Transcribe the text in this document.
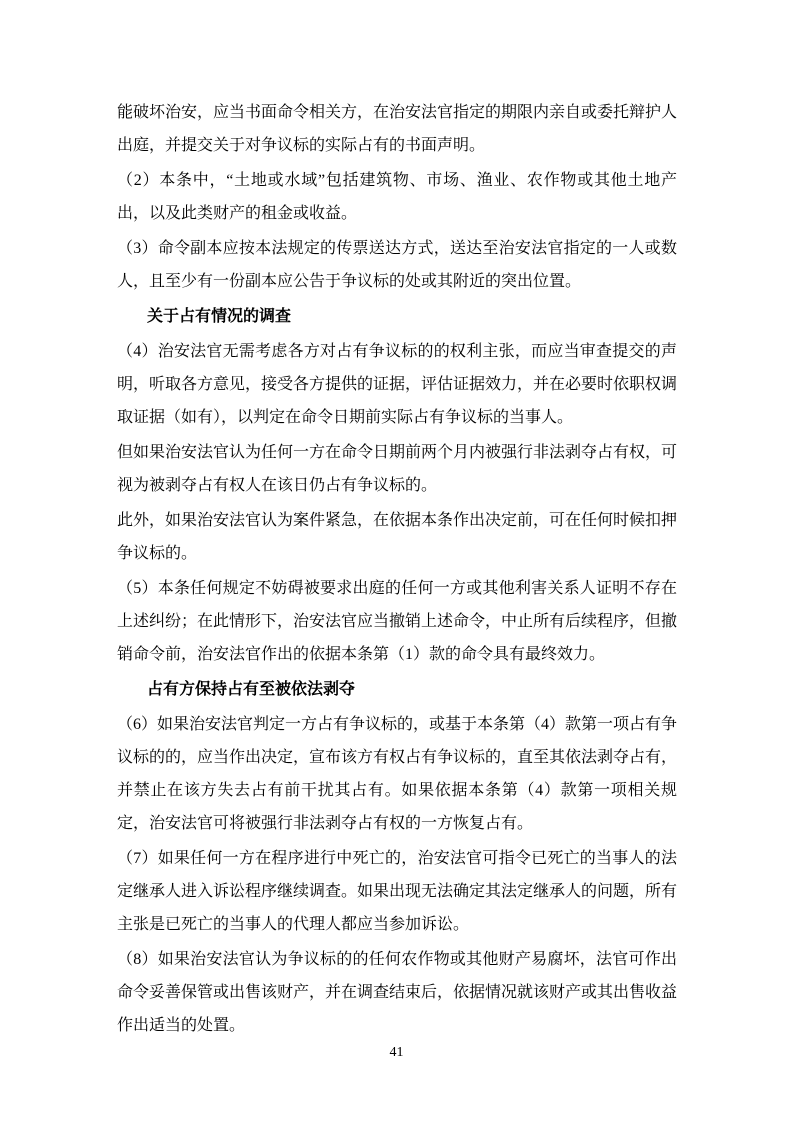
能破坏治安，应当书面命令相关方，在治安法官指定的期限内亲自或委托辩护人出庭，并提交关于对争议标的实际占有的书面声明。

（2）本条中，“土地或水域”包括建筑物、市场、渔业、农作物或其他土地产出，以及此类财产的租金或收益。

（3）命令副本应按本法规定的传票送达方式，送达至治安法官指定的一人或数人，且至少有一份副本应公告于争议标的处或其附近的突出位置。

关于占有情况的调查

（4）治安法官无需考虑各方对占有争议标的的权利主张，而应当审查提交的声明，听取各方意见，接受各方提供的证据，评估证据效力，并在必要时依职权调取证据（如有），以判定在命令日期前实际占有争议标的当事人。

但如果治安法官认为任何一方在命令日期前两个月内被强行非法剥夺占有权，可视为被剥夺占有权人在该日仍占有争议标的。

此外，如果治安法官认为案件紧急，在依据本条作出决定前，可在任何时候扣押争议标的。

（5）本条任何规定不妨碍被要求出庭的任何一方或其他利害关系人证明不存在上述纠纷；在此情形下，治安法官应当撤销上述命令，中止所有后续程序，但撤销命令前，治安法官作出的依据本条第（1）款的命令具有最终效力。

占有方保持占有至被依法剥夺

（6）如果治安法官判定一方占有争议标的，或基于本条第（4）款第一项占有争议标的的，应当作出决定，宣布该方有权占有争议标的，直至其依法剥夺占有，并禁止在该方失去占有前干扰其占有。如果依据本条第（4）款第一项相关规定，治安法官可将被强行非法剥夺占有权的一方恢复占有。

（7）如果任何一方在程序进行中死亡的，治安法官可指令已死亡的当事人的法定继承人进入诉讼程序继续调查。如果出现无法确定其法定继承人的问题，所有主张是已死亡的当事人的代理人都应当参加诉讼。

（8）如果治安法官认为争议标的的任何农作物或其他财产易腐坏，法官可作出命令妥善保管或出售该财产，并在调查结束后，依据情况就该财产或其出售收益作出适当的处置。

41
